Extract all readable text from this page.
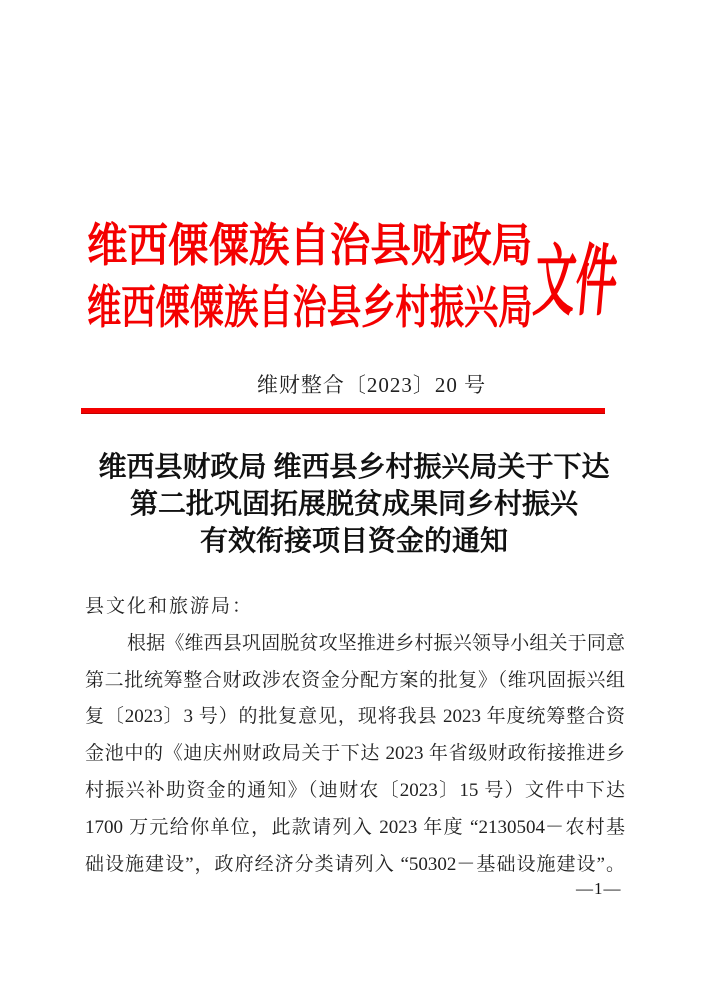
维西傈僳族自治县财政局
维西傈僳族自治县乡村振兴局
文件
维财整合〔2023〕20 号
维西县财政局 维西县乡村振兴局关于下达
第二批巩固拓展脱贫成果同乡村振兴
有效衔接项目资金的通知
县文化和旅游局：
根据《维西县巩固脱贫攻坚推进乡村振兴领导小组关于同意
第二批统筹整合财政涉农资金分配方案的批复》（维巩固振兴组
复〔2023〕3 号）的批复意见，现将我县 2023 年度统筹整合资
金池中的《迪庆州财政局关于下达 2023 年省级财政衔接推进乡
村振兴补助资金的通知》（迪财农〔2023〕15 号）文件中下达
1700 万元给你单位，此款请列入 2023 年度 “2130504－农村基
础设施建设”，政府经济分类请列入 “50302－基础设施建设”。
—1—
